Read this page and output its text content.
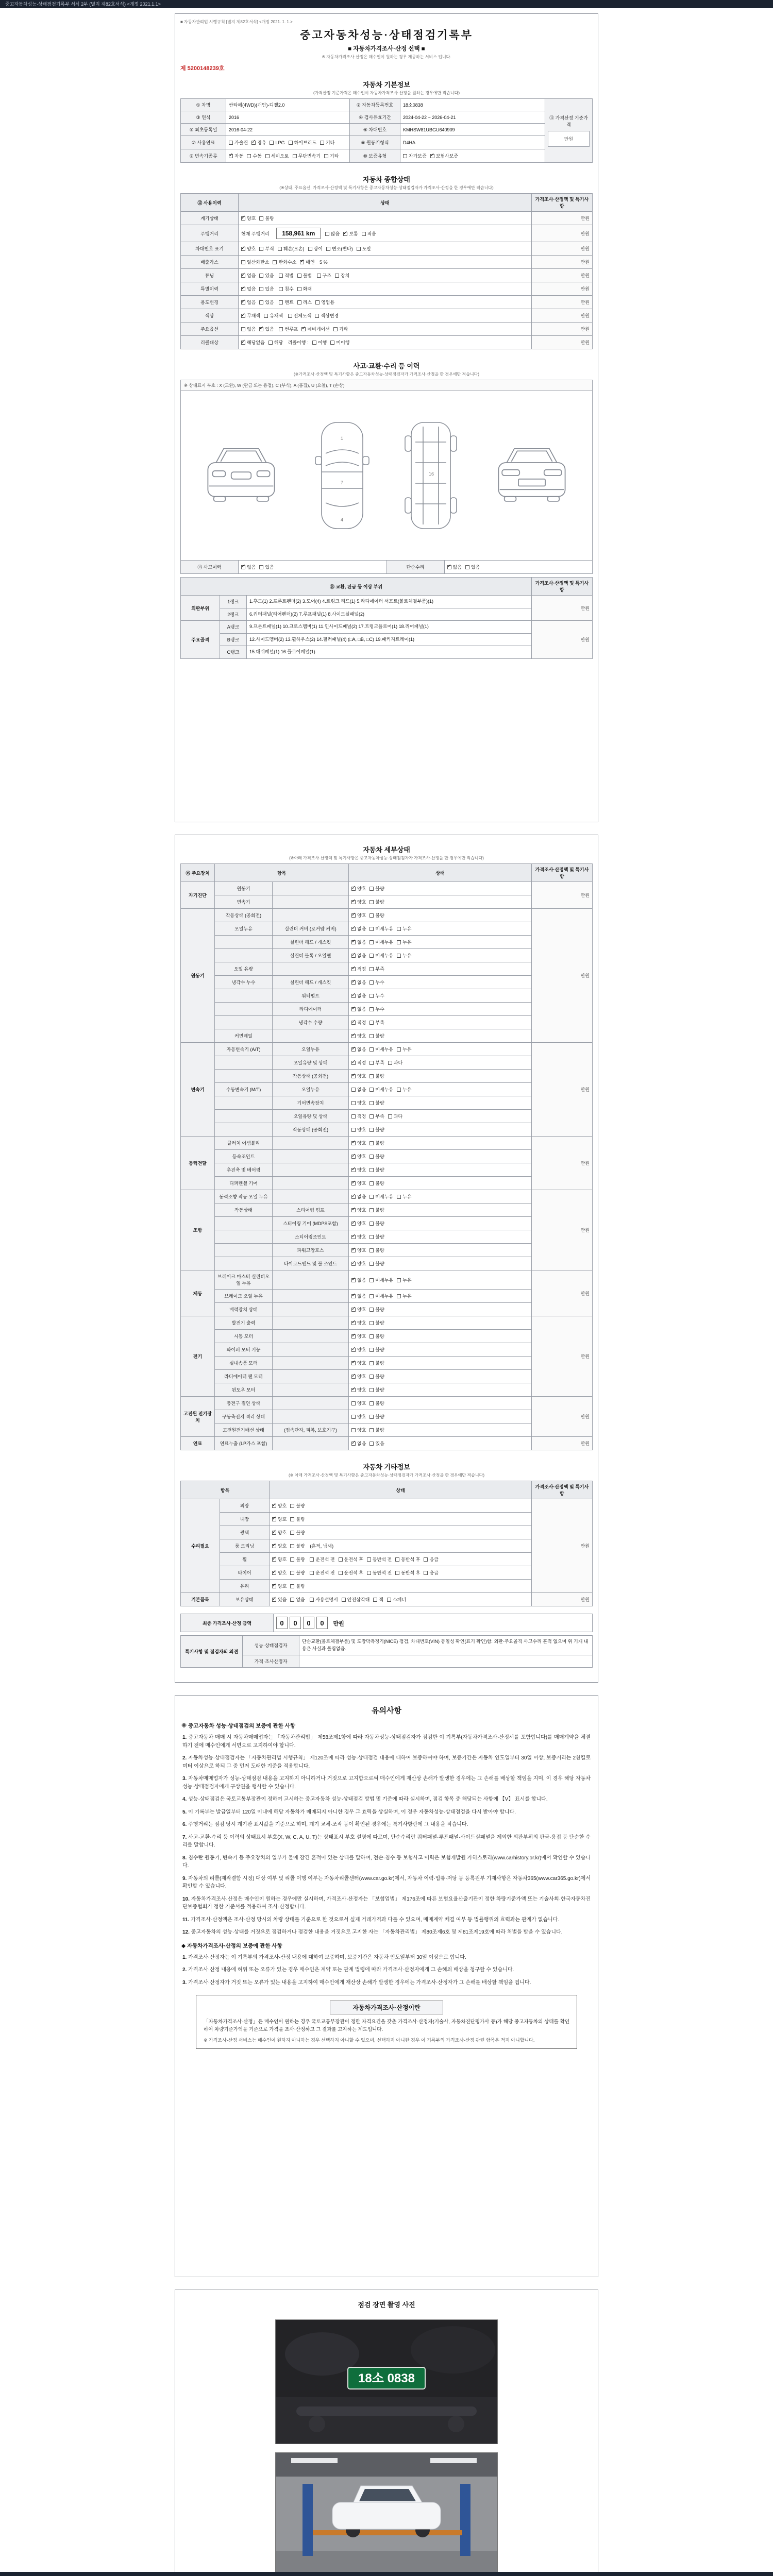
중고자동차성능·상태점검기록부 서식 2부 (별지 제82호서식) <개정 2021.1.1>
■ 자동차관리법 시행규칙 [별지 제82호서식] <개정 2021. 1. 1.>
중고자동차성능·상태점검기록부
■ 자동차가격조사·산정 선택 ■
※ 자동차가격조사·산정은 매수인이 원하는 경우 제공하는 서비스 입니다.
제 5200148239호
자동차 기본정보
(가격산정 기준가격은 매수인이 자동차가격조사·산정을 원하는 경우에만 적습니다)
① 차명	싼타페(4WD)(개인)-디젤2.0	② 자동차등록번호	18소0838	⑪ 가격산정 기준가격
만원

③ 연식	2016	④ 검사유효기간	2024-04-22 ~ 2026-04-21	
⑤ 최초등록일	2016-04-22	⑥ 차대번호	KMHSW81UBGU640909	
⑦ 사용연료	가솔린 ✓ 경유 LPG 하이브리드 기타	⑧ 원동기형식	D4HA	
⑨ 변속기종류	✓자동 수동 세미오토 무단변속기 기타	⑩ 보증유형	자가보증 ✓ 보험사보증
자동차 종합상태
(※상태, 주요옵션, 가격조사·산정액 및 특기사항은 중고자동차성능·상태점검자가 가격조사·산정을 한 경우에만 적습니다)
⑫ 사용이력	상태	가격조사·산정액 및 특기사항
계기상태	✓양호 불량	만원
주행거리	현재 주행거리 158,961 km 많음 ✓ 보통 적음	만원
차대번호 표기	✓양호 부식 훼손(오손) 상이 변조(변타) 도말	만원
배출가스	일산화탄소 탄화수소 ✓ 매연 5 %	만원
튜닝	✓없음 있음 적법 불법 구조 장치	만원
특별이력	✓없음 있음 침수 화재	만원
용도변경	✓없음 있음 렌트 리스 영업용	만원
색상	✓무채색 유채색 전체도색 색상변경	만원
주요옵션	없음 ✓ 있음 썬루프 ✓ 네비게이션 기타	만원
리콜대상	✓해당없음 해당 리콜이행 : 이행 미이행	만원
사고·교환·수리 등 이력
(※가격조사·산정액 및 특기사항은 중고자동차성능·상태점검자가 가격조사·산정을 한 경우에만 적습니다)
※ 상태표시 부호 : X (교환), W (판금 또는 용접), C (부식), A (흠집), U (요철), T (손상)
1
7
4
16
⑬ 사고이력	✓없음 있음	단순수리	✓없음 있음
⑭ 교환, 판금 등 이상 부위			가격조사·산정액 및 특기사항
외판부위	1랭크	1.후드(1) 2.프론트펜더(2) 3.도어(4) 4.트렁크 리드(1) 5.라디에이터 서포트(볼트체결부품)(1)	만원
	2랭크	6.쿼터패널(리어펜더)(2) 7.루프패널(1) 8.사이드실패널(2)	
주요골격	A랭크	9.프론트패널(1) 10.크로스멤버(1) 11.인사이드패널(2) 17.트렁크플로어(1) 18.리어패널(1)	만원
	B랭크	12.사이드멤버(2) 13.휠하우스(2) 14.필러패널(4) (□A, □B, □C) 19.패키지트레이(1)	
	C랭크	15.대쉬패널(1) 16.플로어패널(1)	
자동차 세부상태
(※아래 가격조사·산정액 및 특기사항은 중고자동차성능·상태점검자가 가격조사·산정을 한 경우에만 적습니다)
⑮ 주요장치	항목		상태	가격조사·산정액 및 특기사항
자기진단	원동기		✓양호 불량	만원
	변속기		✓양호 불량
원동기	작동상태 (공회전)		✓양호 불량	만원
	오일누유	실린더 커버 (로커암 커버)	✓없음 미세누유 누유
		실린더 헤드 / 개스킷	✓없음 미세누유 누유
		실린더 블록 / 오일팬	✓없음 미세누유 누유
	오일 유량		✓적정 부족
	냉각수 누수	실린더 헤드 / 개스킷	✓없음 누수
		워터펌프	✓없음 누수
		라디에이터	✓없음 누수
		냉각수 수량	✓적정 부족
	커먼레일		✓양호 불량
변속기	자동변속기 (A/T)	오일누유	✓없음 미세누유 누유	만원
		오일유량 및 상태	✓적정 부족 과다
		작동상태 (공회전)	✓양호 불량
	수동변속기 (M/T)	오일누유	없음 미세누유 누유	
		기어변속장치	양호 불량	
		오일유량 및 상태	적정 부족 과다	
		작동상태 (공회전)	양호 불량	
동력전달	클러치 어셈블리		✓양호 불량	만원
	등속조인트		✓양호 불량
	추진축 및 베어링		✓양호 불량
	디퍼렌셜 기어		✓양호 불량
조향	동력조향 작동 오일 누유		✓없음 미세누유 누유	만원
	작동상태	스티어링 펌프	✓양호 불량
		스티어링 기어 (MDPS포함)	✓양호 불량
		스티어링조인트	✓양호 불량
		파워고압호스	✓양호 불량
		타이로드엔드 및 볼 조인트	✓양호 불량
제동	브레이크 마스터 실린더오일 누유		✓없음 미세누유 누유	만원
	브레이크 오일 누유		✓없음 미세누유 누유
	배력장치 상태		✓양호 불량
전기	발전기 출력		✓양호 불량	만원
	시동 모터		✓양호 불량
	와이퍼 모터 기능		✓양호 불량
	실내송풍 모터		✓양호 불량
	라디에이터 팬 모터		✓양호 불량
	윈도우 모터		✓양호 불량
고전원 전기장치	충전구 절연 상태		양호 불량	만원
	구동축전지 격리 상태		양호 불량	
	고전원전기배선 상태	(접속단자, 피복, 보호기구)	양호 불량	
연료	연료누출 (LP가스 포함)		✓없음 있음	만원
자동차 기타정보
(※ 아래 가격조사·산정액 및 특기사항은 중고자동차성능·상태점검자가 가격조사·산정을 한 경우에만 적습니다)
항목		상태	가격조사·산정액 및 특기사항
수리필요	외장	✓양호 불량	만원
	내장	✓양호 불량
	광택	✓양호 불량
	룸 크리닝	✓양호 불량 (흔적, 냄새)
	휠	✓양호 불량 운전석 전 운전석 후 동반석 전 동반석 후 응급
	타이어	✓양호 불량 운전석 전 운전석 후 동반석 전 동반석 후 응급
	유리	✓양호 불량
기본품목	보유상태	✓있음 없음 사용설명서 안전삼각대 잭 스패너	만원
최종 가격조사·산정 금액	0 0 0 0 만원
특기사항 및 점검자의 의견	성능·상태점검자	단순교환(볼트체결부품) 및 도장막측정기(NICE) 점검, 차대번호(VIN) 동일성 확인(표기 확인)함. 외판·주요골격 사고수리 흔적 없으며 위 기재 내용은 사실과 틀림없음.
	가격·조사산정자	
유의사항
※ 중고자동차 성능·상태점검의 보증에 관한 사항
1. 중고자동차 매매 시 자동차매매업자는 「자동차관리법」 제58조제1항에 따라 자동차성능·상태점검자가 점검한 이 기록부(자동차가격조사·산정서를 포함합니다)를 매매계약을 체결하기 전에 매수인에게 서면으로 고지하여야 합니다.
2. 자동차성능·상태점검자는 「자동차관리법 시행규칙」 제120조에 따라 성능·상태점검 내용에 대하여 보증하여야 하며, 보증기간은 자동차 인도일부터 30일 이상, 보증거리는 2천킬로미터 이상으로 하되 그 중 먼저 도래한 기준을 적용합니다.
3. 자동차매매업자가 성능·상태점검 내용을 고지하지 아니하거나 거짓으로 고지함으로써 매수인에게 재산상 손해가 발생한 경우에는 그 손해를 배상할 책임을 지며, 이 경우 해당 자동차성능·상태점검자에게 구상권을 행사할 수 있습니다.
4. 성능·상태점검은 국토교통부장관이 정하여 고시하는 중고자동차 성능·상태점검 방법 및 기준에 따라 실시하며, 점검 항목 중 해당되는 사항에 【V】 표시를 합니다.
5. 이 기록부는 발급일부터 120일 이내에 해당 자동차가 매매되지 아니한 경우 그 효력을 상실하며, 이 경우 자동차성능·상태점검을 다시 받아야 합니다.
6. 주행거리는 점검 당시 계기판 표시값을 기준으로 하며, 계기 교체·조작 등이 확인된 경우에는 특기사항란에 그 내용을 적습니다.
7. 사고·교환·수리 등 이력의 상태표시 부호(X, W, C, A, U, T)는 상태표시 부호 설명에 따르며, 단순수리란 쿼터패널·루프패널·사이드실패널을 제외한 외판부위의 판금·용접 등 단순한 수리를 말합니다.
8. 침수란 원동기, 변속기 등 주요장치의 일부가 물에 잠긴 흔적이 있는 상태를 말하며, 전손·침수 등 보험사고 이력은 보험개발원 카히스토리(www.carhistory.or.kr)에서 확인할 수 있습니다.
9. 자동차의 리콜(제작결함 시정) 대상 여부 및 리콜 이행 여부는 자동차리콜센터(www.car.go.kr)에서, 자동차 이력·압류·저당 등 등록원부 기재사항은 자동차365(www.car365.go.kr)에서 확인할 수 있습니다.
10. 자동차가격조사·산정은 매수인이 원하는 경우에만 실시하며, 가격조사·산정자는 「보험업법」 제176조에 따른 보험요율산출기관이 정한 차량기준가액 또는 기술사회·한국자동차진단보증협회가 정한 기준서를 적용하여 조사·산정합니다.
11. 가격조사·산정액은 조사·산정 당시의 차량 상태를 기준으로 한 것으로서 실제 거래가격과 다를 수 있으며, 매매계약 체결 여부 등 법률행위의 효력과는 관계가 없습니다.
12. 중고자동차의 성능·상태를 거짓으로 점검하거나 점검한 내용을 거짓으로 고지한 자는 「자동차관리법」 제80조제6호 및 제81조제19호에 따라 처벌을 받을 수 있습니다.
◆ 자동차가격조사·산정의 보증에 관한 사항
1. 가격조사·산정자는 이 기록부의 가격조사·산정 내용에 대하여 보증하며, 보증기간은 자동차 인도일부터 30일 이상으로 합니다.
2. 가격조사·산정 내용에 허위 또는 오류가 있는 경우 매수인은 계약 또는 관계 법령에 따라 가격조사·산정자에게 그 손해의 배상을 청구할 수 있습니다.
3. 가격조사·산정자가 거짓 또는 오류가 있는 내용을 고지하여 매수인에게 재산상 손해가 발생한 경우에는 가격조사·산정자가 그 손해를 배상할 책임을 집니다.
자동차가격조사·산정이란
「자동차가격조사·산정」은 매수인이 원하는 경우 국토교통부장관이 정한 자격요건을 갖춘 가격조사·산정자(기술사, 자동차진단평가사 등)가 해당 중고자동차의 상태를 확인하여 차량기준가액을 기준으로 가격을 조사·산정하고 그 결과를 고지하는 제도입니다.
※ 가격조사·산정 서비스는 매수인이 원하지 아니하는 경우 선택하지 아니할 수 있으며, 선택하지 아니한 경우 이 기록부의 가격조사·산정 관련 항목은 적지 아니합니다.
점검 장면 촬영 사진
18소 0838
